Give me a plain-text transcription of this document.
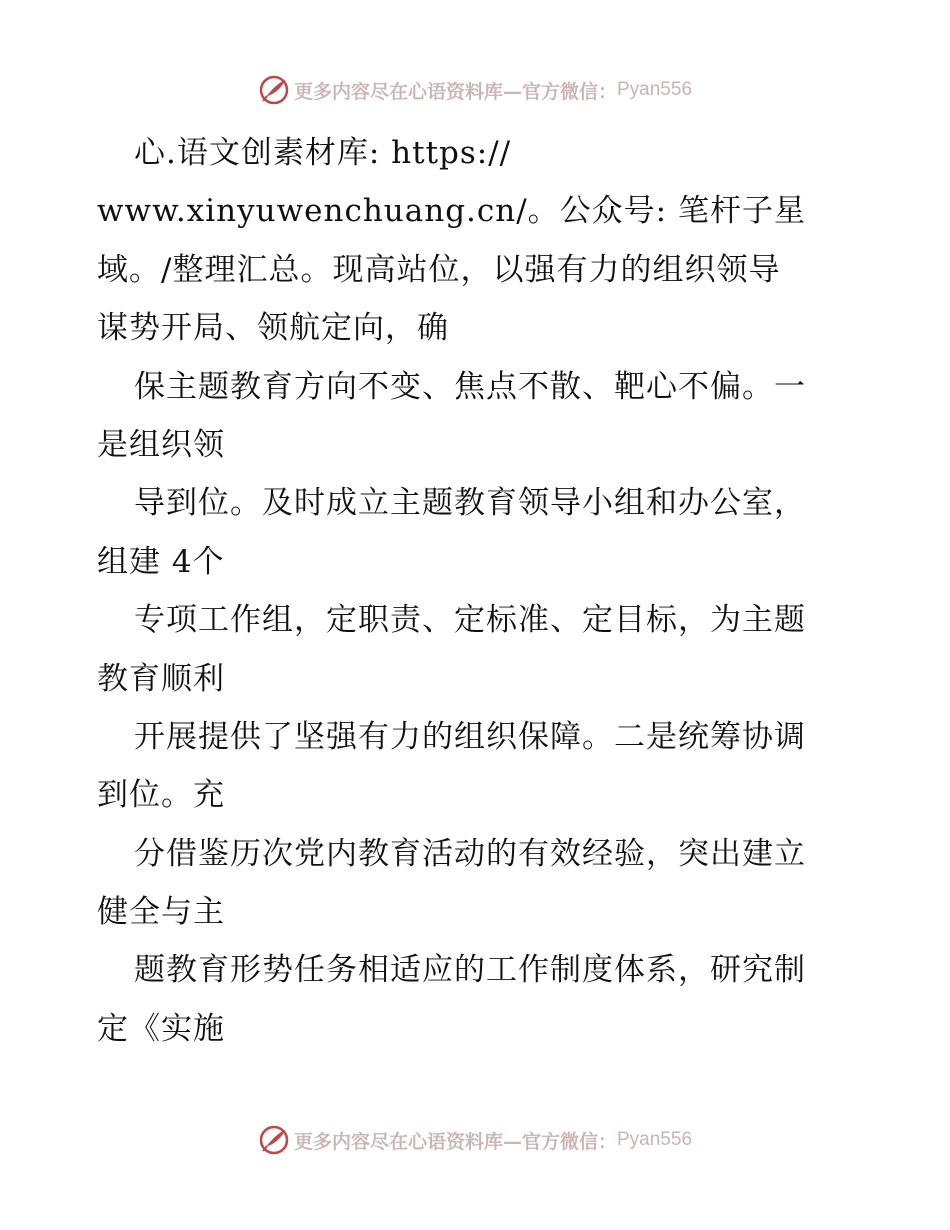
更多内容尽在心语资料库—官方微信： Pyan556
心.语文创素材库: https://
www.xinyuwenchuang.cn/。公众号: 笔杆子星
域。/整理汇总。现高站位，以强有力的组织领导
谋势开局、领航定向，确
保主题教育方向不变、焦点不散、靶心不偏。一
是组织领
导到位。及时成立主题教育领导小组和办公室，
组建 4个
专项工作组，定职责、定标准、定目标，为主题
教育顺利
开展提供了坚强有力的组织保障。二是统筹协调
到位。充
分借鉴历次党内教育活动的有效经验，突出建立
健全与主
题教育形势任务相适应的工作制度体系，研究制
定《实施
更多内容尽在心语资料库—官方微信： Pyan556
